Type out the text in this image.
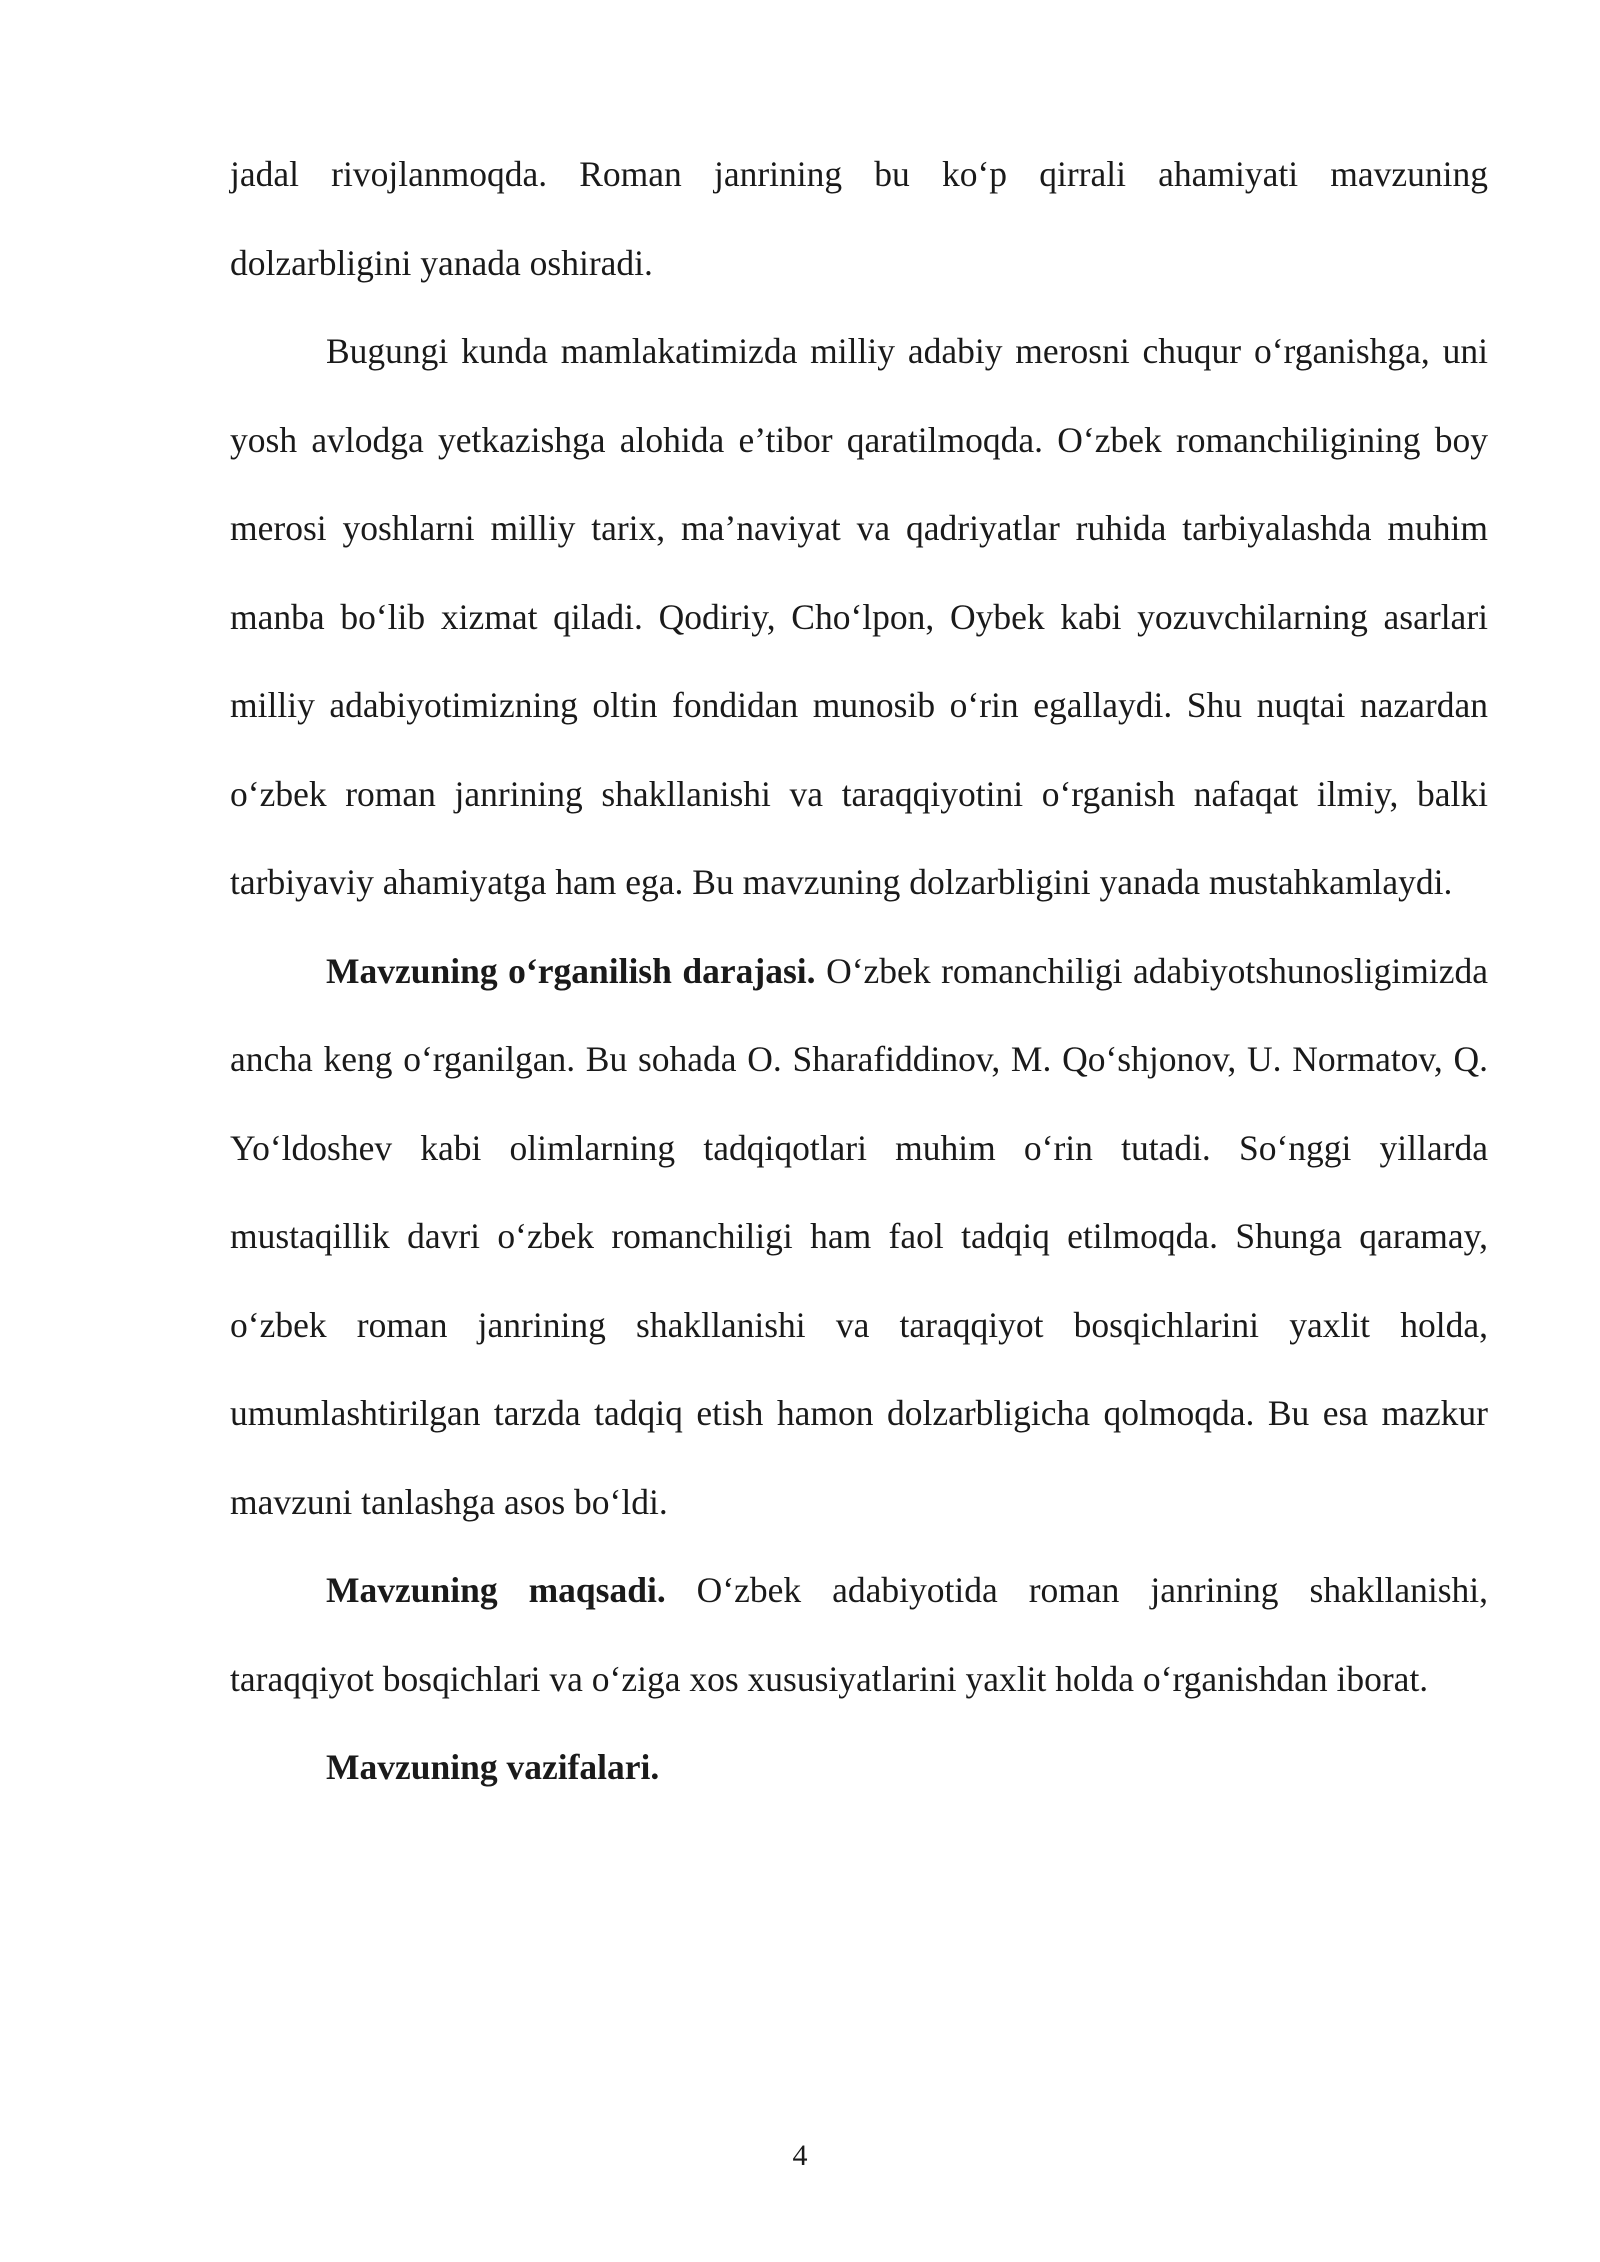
jadal rivojlanmoqda. Roman janrining bu ko‘p qirrali ahamiyati mavzuning dolzarbligini yanada oshiradi.

Bugungi kunda mamlakatimizda milliy adabiy merosni chuqur o‘rganishga, uni yosh avlodga yetkazishga alohida e’tibor qaratilmoqda. O‘zbek romanchiligining boy merosi yoshlarni milliy tarix, ma’naviyat va qadriyatlar ruhida tarbiyalashda muhim manba bo‘lib xizmat qiladi. Qodiriy, Cho‘lpon, Oybek kabi yozuvchilarning asarlari milliy adabiyotimizning oltin fondidan munosib o‘rin egallaydi. Shu nuqtai nazardan o‘zbek roman janrining shakllanishi va taraqqiyotini o‘rganish nafaqat ilmiy, balki tarbiyaviy ahamiyatga ham ega. Bu mavzuning dolzarbligini yanada mustahkamlaydi.

Mavzuning o‘rganilish darajasi. O‘zbek romanchiligi adabiyotshunosligimizda ancha keng o‘rganilgan. Bu sohada O. Sharafiddinov, M. Qo‘shjonov, U. Normatov, Q. Yo‘ldoshev kabi olimlarning tadqiqotlari muhim o‘rin tutadi. So‘nggi yillarda mustaqillik davri o‘zbek romanchiligi ham faol tadqiq etilmoqda. Shunga qaramay, o‘zbek roman janrining shakllanishi va taraqqiyot bosqichlarini yaxlit holda, umumlashtirilgan tarzda tadqiq etish hamon dolzarbligicha qolmoqda. Bu esa mazkur mavzuni tanlashga asos bo‘ldi.

Mavzuning maqsadi. O‘zbek adabiyotida roman janrining shakllanishi, taraqqiyot bosqichlari va o‘ziga xos xususiyatlarini yaxlit holda o‘rganishdan iborat.

Mavzuning vazifalari.

4
